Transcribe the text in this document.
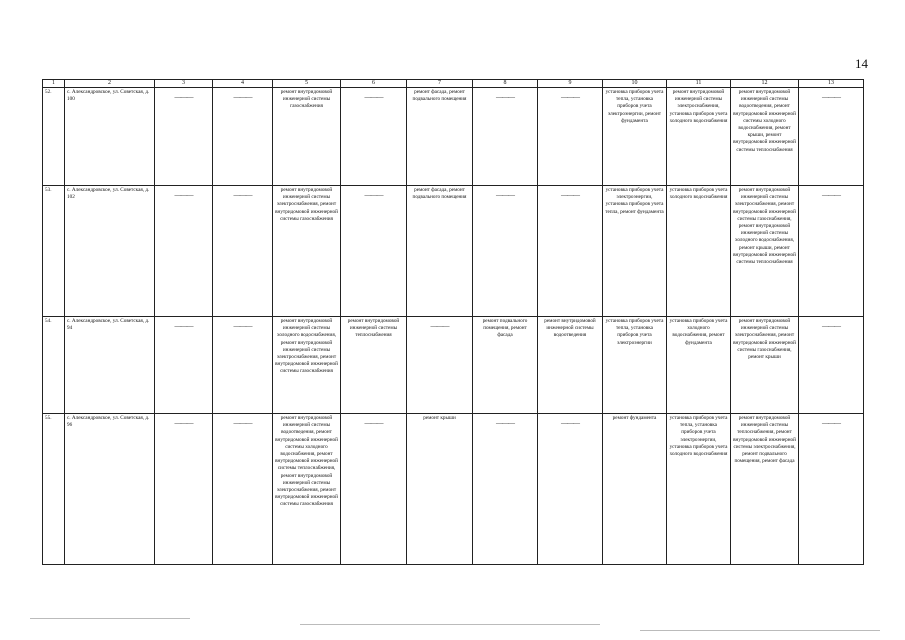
14
1	2	3	4	5	6	7	8	9	10	11	12	13
52.	с. Александровское, ул. Советская, д. 100	———	———	ремонт внутридомовой инженерной системы газоснабжения	———	ремонт фасада, ремонт подвального помещения	———	———	установка приборов учета тепла, установка приборов учета электроэнергии, ремонт фундамента	ремонт внутридомовой инженерной системы электроснабжения, установка приборов учета холодного водоснабжения	ремонт внутридомовой инженерной системы водоотведения, ремонт внутридомовой инженерной системы холодного водоснабжения, ремонт крыши, ремонт внутридомовой инженерной системы теплоснабжения	———
53.	с. Александровское, ул. Советская, д. 102	———	———	ремонт внутридомовой инженерной системы электроснабжения, ремонт внутридомовой инженерной системы газоснабжения	———	ремонт фасада, ремонт подвального помещения	———	———	установка приборов учета электроэнергии, установка приборов учета тепла, ремонт фундамента	установка приборов учета холодного водоснабжения	ремонт внутридомовой инженерной системы электроснабжения, ремонт внутридомовой инженерной системы газоснабжения, ремонт внутридомовой инженерной системы холодного водоснабжения, ремонт крыши, ремонт внутридомовой инженерной системы теплоснабжения	———
54.	с. Александровское, ул. Советская, д. 94	———	———	ремонт внутридомовой инженерной системы холодного водоснабжения, ремонт внутридомовой инженерной системы электроснабжения, ремонт внутридомовой инженерной системы газоснабжения	ремонт внутридомовой инженерной системы теплоснабжения	———	ремонт подвального помещения, ремонт фасада	ремонт внутридомовой инженерной системы водоотведения	установка приборов учета тепла, установка приборов учета электроэнергии	установка приборов учета холодного водоснабжения, ремонт фундамента	ремонт внутридомовой инженерной системы электроснабжения, ремонт внутридомовой инженерной системы газоснабжения, ремонт крыши	———
55.	с. Александровское, ул. Советская, д. 96	———	———	ремонт внутридомовой инженерной системы водоотведения, ремонт внутридомовой инженерной системы холодного водоснабжения, ремонт внутридомовой инженерной системы теплоснабжения, ремонт внутридомовой инженерной системы электроснабжения, ремонт внутридомовой инженерной системы газоснабжения	———	ремонт крыши	———	———	ремонт фундамента	установка приборов учета тепла, установка приборов учета электроэнергии, установка приборов учета холодного водоснабжения	ремонт внутридомовой инженерной системы теплоснабжения, ремонт внутридомовой инженерной системы электроснабжения, ремонт подвального помещения, ремонт фасада	———
